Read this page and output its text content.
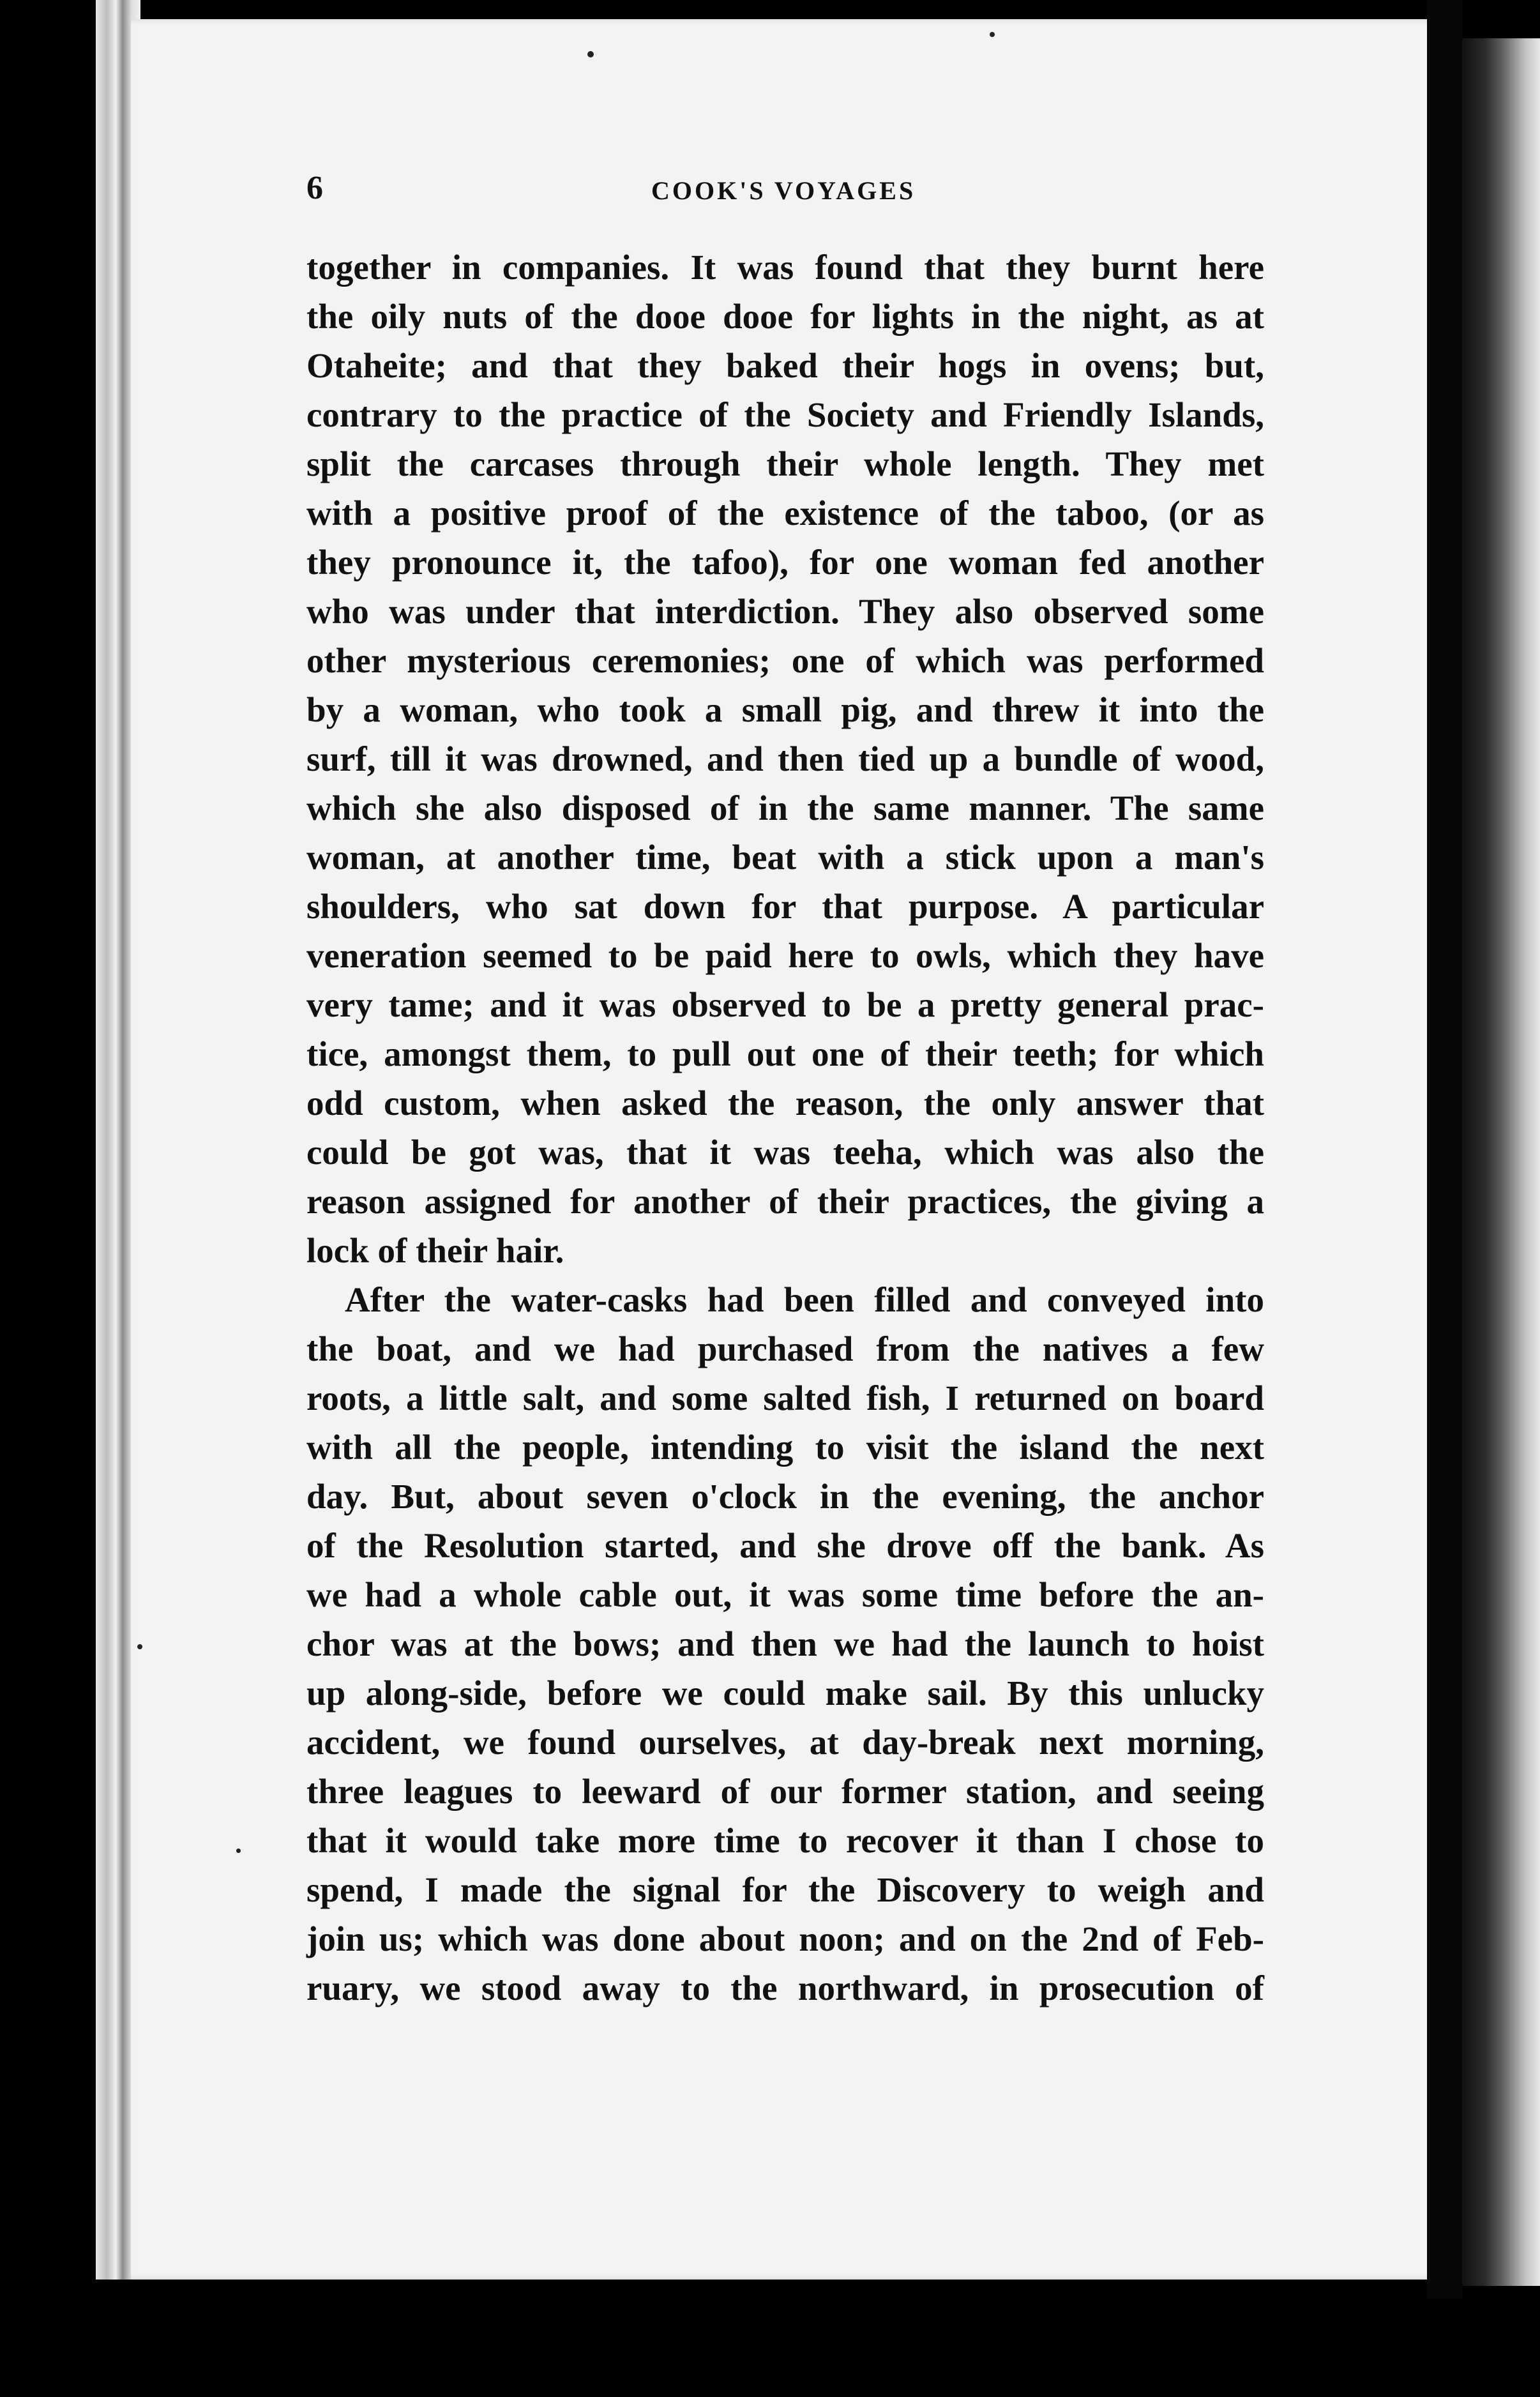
6	COOK'S VOYAGES
together in companies. It was found that they burnt here
the oily nuts of the dooe dooe for lights in the night, as at
Otaheite; and that they baked their hogs in ovens; but,
contrary to the practice of the Society and Friendly Islands,
split the carcases through their whole length. They met
with a positive proof of the existence of the taboo, (or as
they pronounce it, the tafoo), for one woman fed another
who was under that interdiction. They also observed some
other mysterious ceremonies; one of which was performed
by a woman, who took a small pig, and threw it into the
surf, till it was drowned, and then tied up a bundle of wood,
which she also disposed of in the same manner. The same
woman, at another time, beat with a stick upon a man's
shoulders, who sat down for that purpose. A particular
veneration seemed to be paid here to owls, which they have
very tame; and it was observed to be a pretty general prac-
tice, amongst them, to pull out one of their teeth; for which
odd custom, when asked the reason, the only answer that
could be got was, that it was teeha, which was also the
reason assigned for another of their practices, the giving a
lock of their hair.
After the water-casks had been filled and conveyed into
the boat, and we had purchased from the natives a few
roots, a little salt, and some salted fish, I returned on board
with all the people, intending to visit the island the next
day. But, about seven o'clock in the evening, the anchor
of the Resolution started, and she drove off the bank. As
we had a whole cable out, it was some time before the an-
chor was at the bows; and then we had the launch to hoist
up along-side, before we could make sail. By this unlucky
accident, we found ourselves, at day-break next morning,
three leagues to leeward of our former station, and seeing
that it would take more time to recover it than I chose to
spend, I made the signal for the Discovery to weigh and
join us; which was done about noon; and on the 2nd of Feb-
ruary, we stood away to the northward, in prosecution of
